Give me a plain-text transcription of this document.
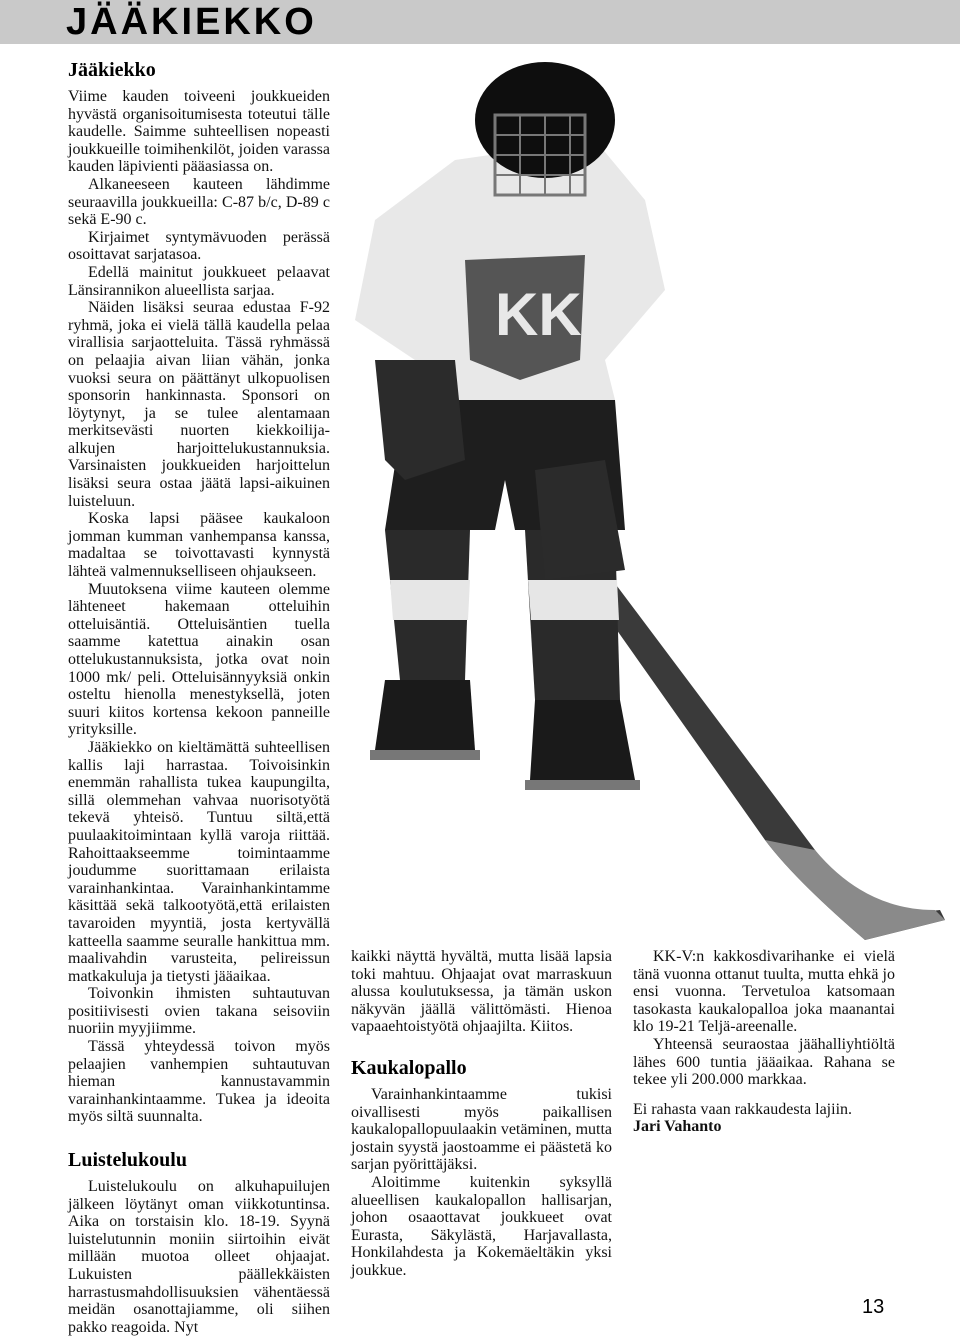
JÄÄKIEKKO
Jääkiekko

Viime kauden toiveeni joukkueiden hyvästä organisoitumisesta toteutui tälle kaudelle. Saimme suhteellisen nopeasti joukkueille toimihenkilöt, joiden varassa kauden läpivienti pääasiassa on.

Alkaneeseen kauteen lähdimme seuraavilla joukkueilla: C-87 b/c, D-89 c sekä E-90 c.

Kirjaimet syntymävuoden perässä osoittavat sarjatasoa.

Edellä mainitut joukkueet pelaavat Länsirannikon alueellista sarjaa.

Näiden lisäksi seuraa edustaa F-92 ryhmä, joka ei vielä tällä kaudella pelaa virallisia sarjaotteluita. Tässä ryhmässä on pelaajia aivan liian vähän, jonka vuoksi seura on päättänyt ulkopuolisen sponsorin hankinnasta. Sponsori on löytynyt, ja se tulee alentamaan merkitsevästi nuorten kiekkoilija-alkujen harjoittelukustannuksia. Varsinaisten joukkueiden harjoittelun lisäksi seura ostaa jäätä lapsi-aikuinen luisteluun.

Koska lapsi pääsee kaukaloon jomman kumman vanhempansa kanssa, madaltaa se toivottavasti kynnystä lähteä valmennukselliseen ohjaukseen.

Muutoksena viime kauteen olemme lähteneet hakemaan otteluihin otteluisäntiä. Otteluisäntien tuella saamme katettua ainakin osan ottelukustannuksista, jotka ovat noin 1000 mk/ peli. Otteluisännyyksiä onkin osteltu hienolla menestyksellä, joten suuri kiitos kortensa kekoon panneille yrityksille.

Jääkiekko on kieltämättä suhteellisen kallis laji harrastaa. Toivoisinkin enemmän rahallista tukea kaupungilta, sillä olemmehan vahvaa nuorisotyötä tekevä yhteisö. Tuntuu siltä,että puulaakitoimintaan kyllä varoja riittää. Rahoittaakseemme toimintaamme joudumme suorittamaan erilaista varainhankintaa. Varainhankintamme käsittää sekä talkootyötä,että erilaisten tavaroiden myyntiä, josta kertyvällä katteella saamme seuralle hankittua mm. maalivahdin varusteita, pelireissun matkakuluja ja tietysti jääaikaa.

Toivonkin ihmisten suhtautuvan positiivisesti ovien takana seisoviin nuoriin myyjiimme.

Tässä yhteydessä toivon myös pelaajien vanhempien suhtautuvan hieman kannustavammin varainhankintaamme. Tukea ja ideoita myös siltä suunnalta.

Luistelukoulu

Luistelukoulu on alkuhapuilujen jälkeen löytänyt oman viikkotuntinsa. Aika on torstaisin klo. 18-19. Syynä luistelutunnin moniin siirtoihin eivät millään muotoa olleet ohjaajat. Lukuisten päällekkäisten harrastusmahdollisuuksien vähentäessä meidän osanottajiamme, oli siihen pakko reagoida. Nyt

KK

kaikki näyttä hyvältä, mutta lisää lapsia toki mahtuu. Ohjaajat ovat marraskuun alussa koulutuksessa, ja tämän uskon näkyvän jäällä välittömästi. Hienoa vapaaehtoistyötä ohjaajilta. Kiitos.

Kaukalopallo

Varainhankintaamme tukisi oivallisesti myös paikallisen kaukalopallopuulaakin vetäminen, mutta jostain syystä jaostoamme ei päästetä ko sarjan pyörittäjäksi.

Aloitimme kuitenkin syksyllä alueellisen kaukalopallon hallisarjan, johon osaaottavat joukkueet ovat Eurasta, Säkylästä, Harjavallasta, Honkilahdesta ja Kokemäeltäkin yksi joukkue.

KK-V:n kakkosdivarihanke ei vielä tänä vuonna ottanut tuulta, mutta ehkä jo ensi vuonna. Tervetuloa katsomaan tasokasta kaukalopalloa joka maanantai klo 19-21 Teljä-areenalle.

Yhteensä seuraostaa jäähalliyhtiöltä lähes 600 tuntia jääaikaa. Rahana se tekee yli 200.000 markkaa.

Ei rahasta vaan rakkaudesta lajiin.

Jari Vahanto

13
